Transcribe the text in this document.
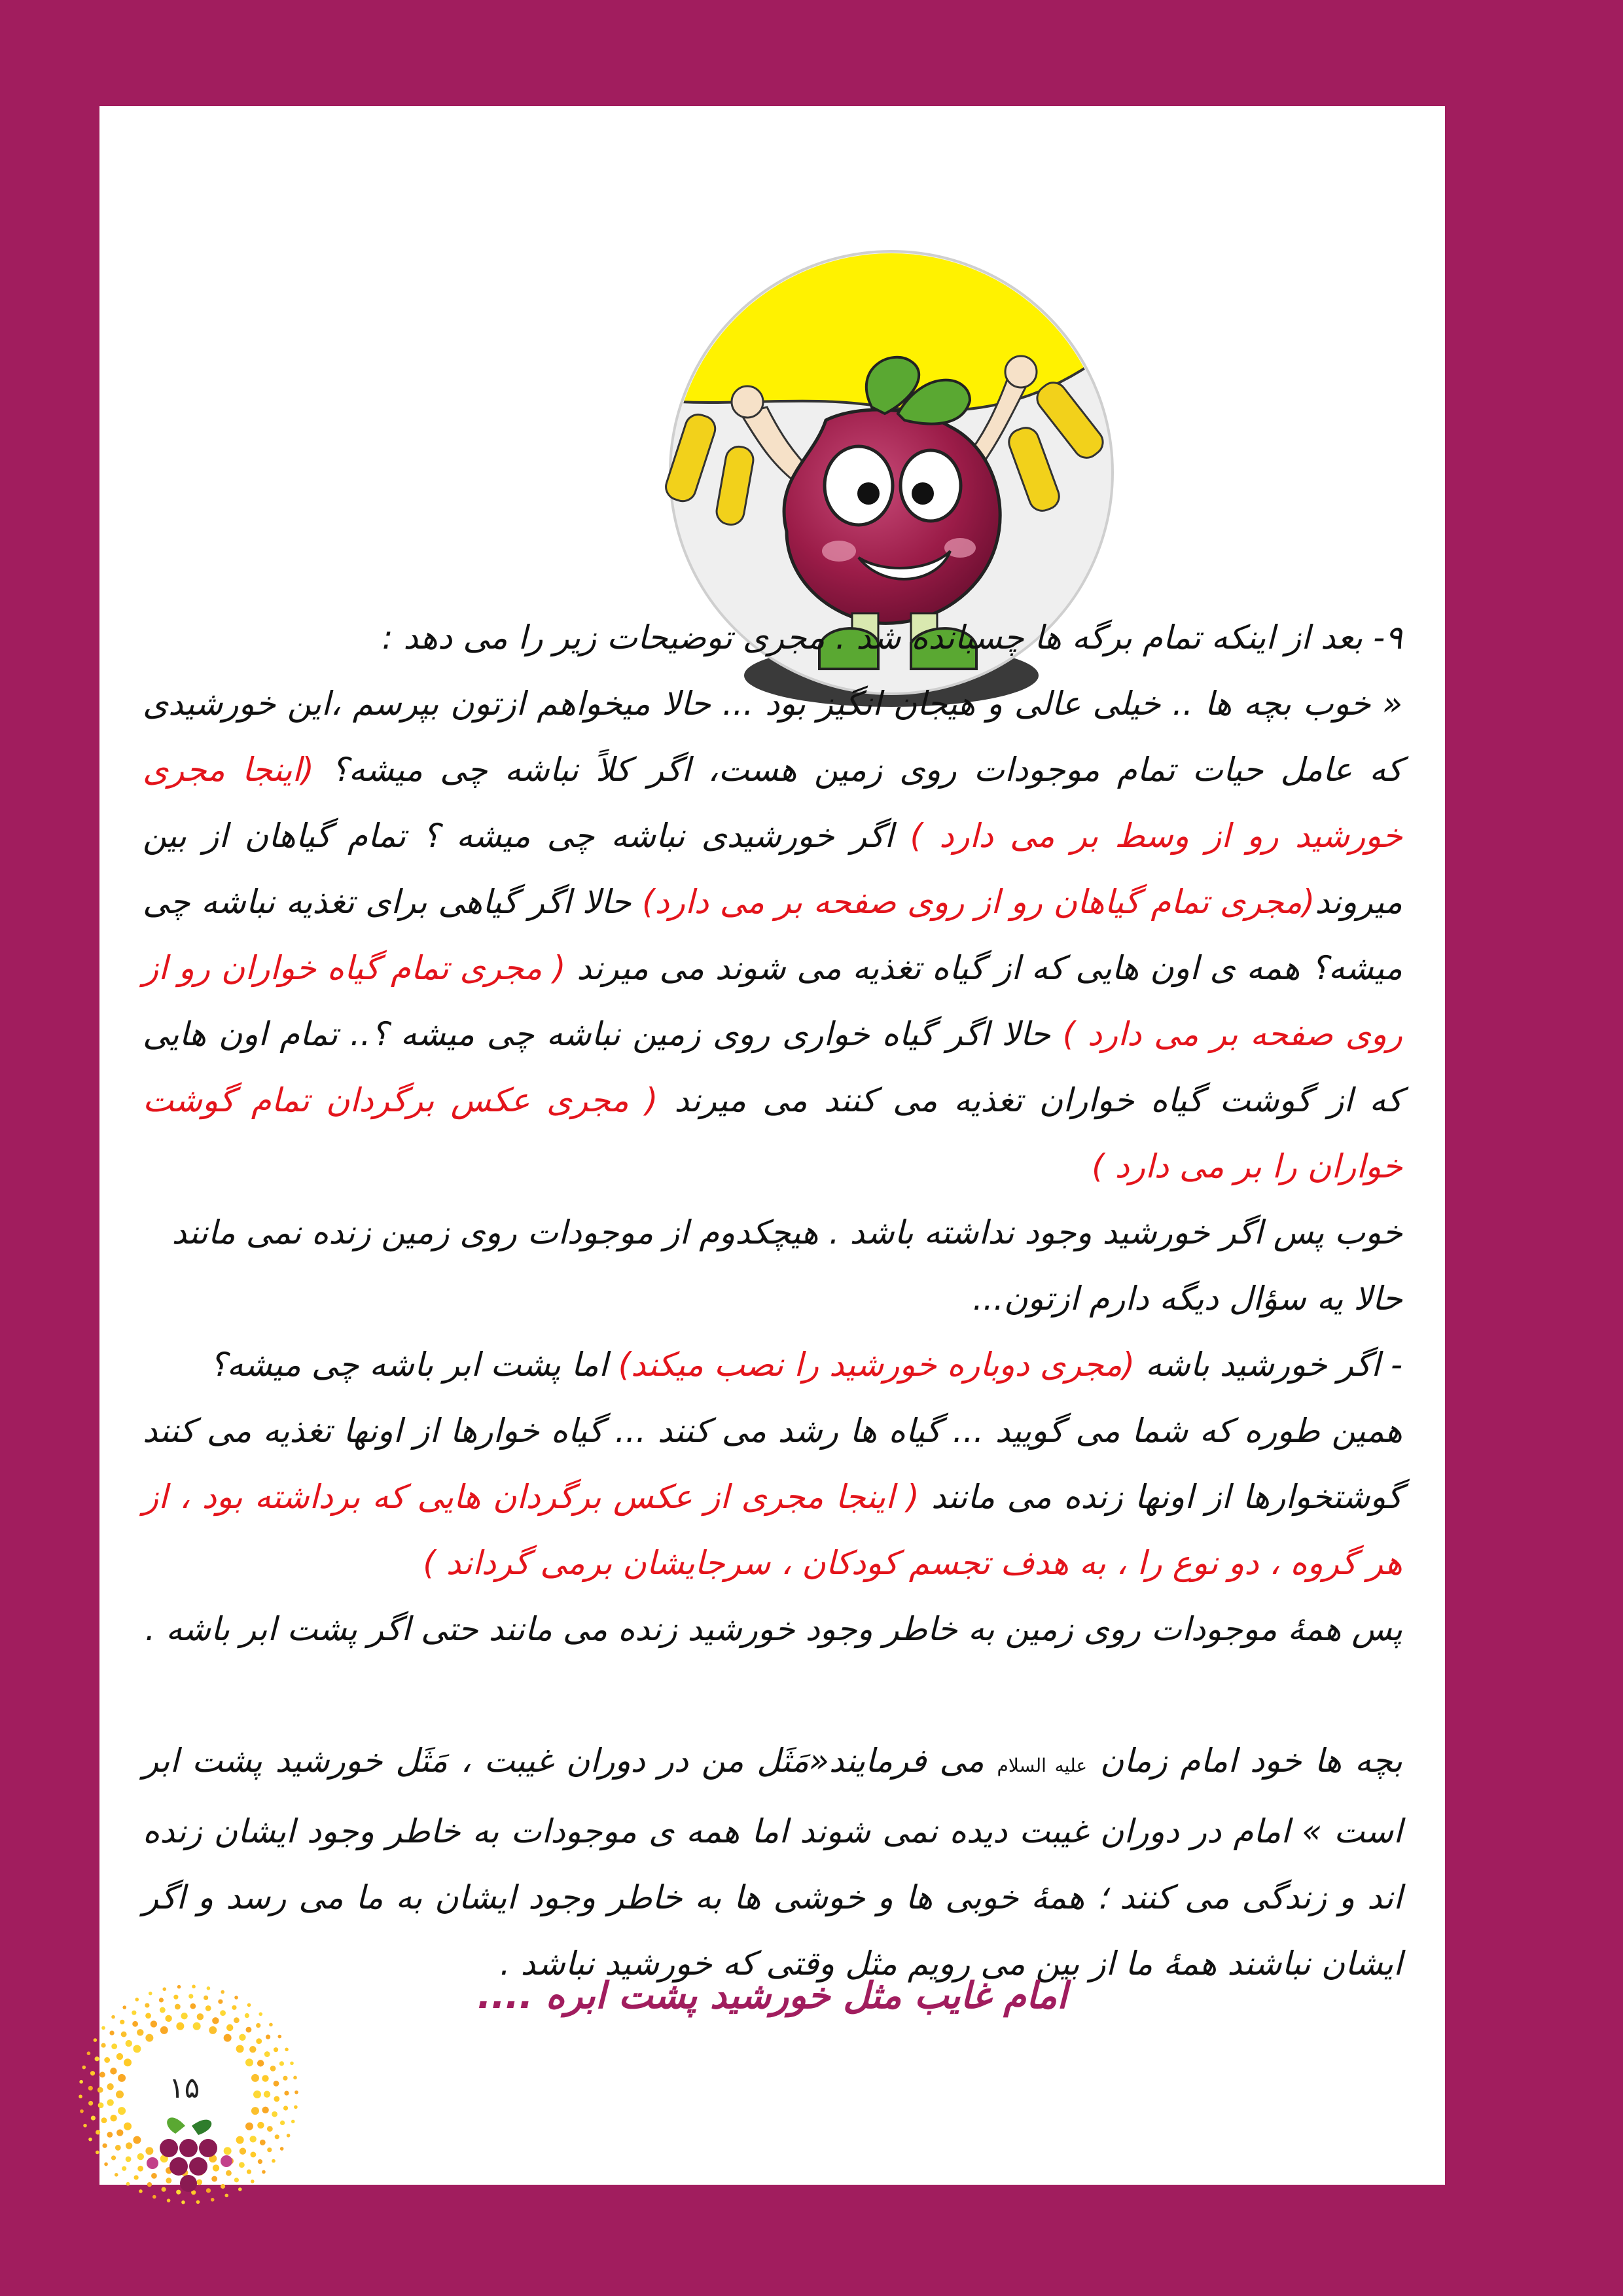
۹- بعد از اینکه تمام برگه ها چسبانده شد . مجری توضیحات زیر را می دهد :

« خوب بچه ها .. خیلی عالی و هیجان انگیز بود ... حالا میخواهم ازتون بپرسم ،این خورشیدی که عامل حیات تمام موجودات روی زمین هست، اگر کلاً نباشه چی میشه؟ (اینجا مجری خورشید رو از وسط بر می دارد ) اگر خورشیدی نباشه چی میشه ؟ تمام گیاهان از بین میروند(مجری تمام گیاهان رو از روی صفحه بر می دارد) حالا اگر گیاهی برای تغذیه نباشه چی میشه؟ همه ی اون هایی که از گیاه تغذیه می شوند می میرند ( مجری تمام گیاه خواران رو از روی صفحه بر می دارد ) حالا اگر گیاه خواری روی زمین نباشه چی میشه ؟.. تمام اون هایی که از گوشت گیاه خواران تغذیه می کنند می میرند ( مجری عکس برگردان تمام گوشت خواران را بر می دارد )

خوب پس اگر خورشید وجود نداشته باشد . هیچکدوم از موجودات روی زمین زنده نمی مانند

حالا یه سؤال دیگه دارم ازتون...

- اگر خورشید باشه (مجری دوباره خورشید را نصب میکند) اما پشت ابر باشه چی میشه؟

همین طوره که شما می گویید ... گیاه ها رشد می کنند ... گیاه خوارها از اونها تغذیه می کنند گوشتخوارها از اونها زنده می مانند ( اینجا مجری از عکس برگردان هایی که برداشته بود ، از هر گروه ، دو نوع را ، به هدف تجسم کودکان ، سرجایشان برمی گرداند )

پس همهٔ موجودات روی زمین به خاطر وجود خورشید زنده می مانند حتی اگر پشت ابر باشه .

بچه ها خود امام زمان علیه السلام می فرمایند«مَثَل من در دوران غیبت ، مَثَل خورشید پشت ابر است » امام در دوران غیبت دیده نمی شوند اما همه ی موجودات به خاطر وجود ایشان زنده اند و زندگی می کنند ؛ همهٔ خوبی ها و خوشی ها به خاطر وجود ایشان به ما می رسد و اگر ایشان نباشند همهٔ ما از بین می رویم مثل وقتی که خورشید نباشد .

امام غایب مثل خورشید پشت ابره ....
۱۵
